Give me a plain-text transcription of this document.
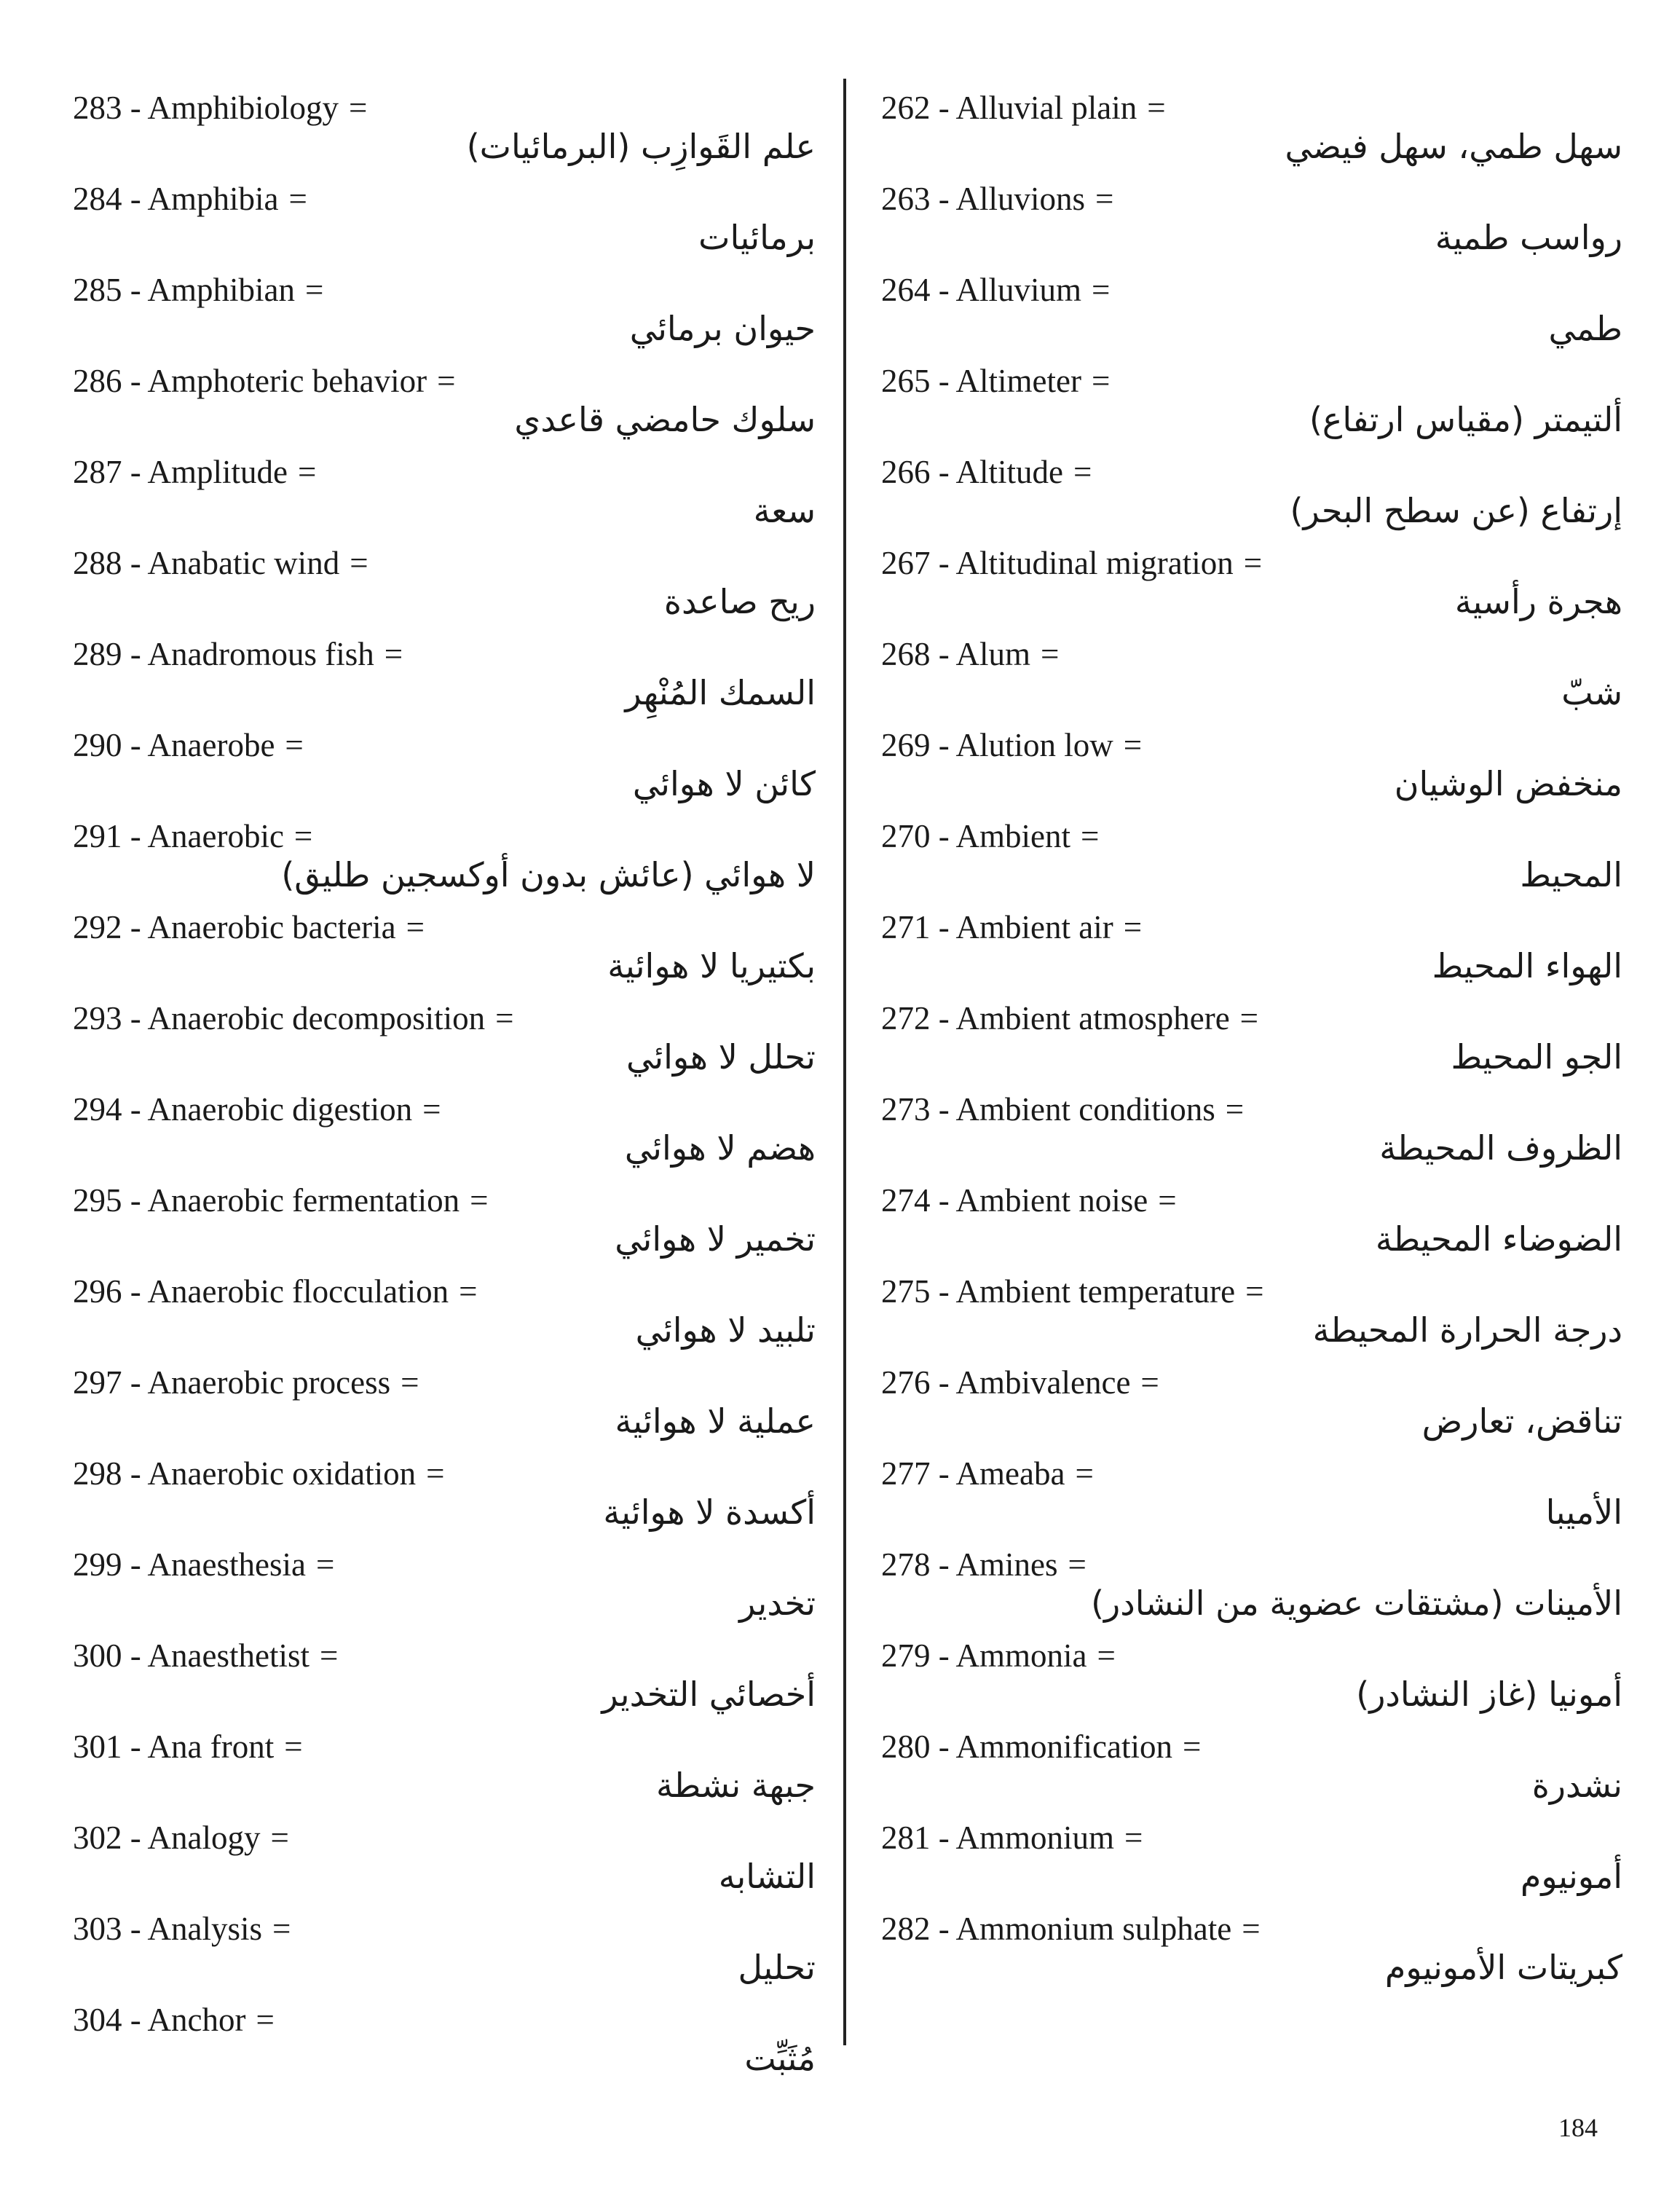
283 - Amphibiology =
علم القَوازِب (البرمائيات)
284 - Amphibia =
برمائيات
285 - Amphibian =
حيوان برمائي
286 - Amphoteric behavior =
سلوك حامضي قاعدي
287 - Amplitude =
سعة
288 - Anabatic wind =
ريح صاعدة
289 - Anadromous fish =
السمك المُنْهِر
290 - Anaerobe =
كائن لا هوائي
291 - Anaerobic =
لا هوائي (عائش بدون أوكسجين طليق)
292 - Anaerobic bacteria =
بكتيريا لا هوائية
293 - Anaerobic decomposition =
تحلل لا هوائي
294 - Anaerobic digestion =
هضم لا هوائي
295 - Anaerobic fermentation =
تخمير لا هوائي
296 - Anaerobic flocculation =
تلبيد لا هوائي
297 - Anaerobic process =
عملية لا هوائية
298 - Anaerobic oxidation =
أكسدة لا هوائية
299 - Anaesthesia =
تخدير
300 - Anaesthetist =
أخصائي التخدير
301 - Ana front =
جبهة نشطة
302 - Analogy =
التشابه
303 - Analysis =
تحليل
304 - Anchor =
مُثَبِّت
262 - Alluvial plain =
سهل طمي، سهل فيضي
263 - Alluvions =
رواسب طمية
264 - Alluvium =
طمي
265 - Altimeter =
ألتيمتر (مقياس ارتفاع)
266 - Altitude =
إرتفاع (عن سطح البحر)
267 - Altitudinal migration =
هجرة رأسية
268 - Alum =
شبّ
269 - Alution low =
منخفض الوشيان
270 - Ambient =
المحيط
271 - Ambient air =
الهواء المحيط
272 - Ambient atmosphere =
الجو المحيط
273 - Ambient conditions =
الظروف المحيطة
274 - Ambient noise =
الضوضاء المحيطة
275 - Ambient temperature =
درجة الحرارة المحيطة
276 - Ambivalence =
تناقض، تعارض
277 - Ameaba =
الأميبا
278 - Amines =
الأمينات (مشتقات عضوية من النشادر)
279 - Ammonia =
أمونيا (غاز النشادر)
280 - Ammonification =
نشدرة
281 - Ammonium =
أمونيوم
282 - Ammonium sulphate =
كبريتات الأمونيوم
184
